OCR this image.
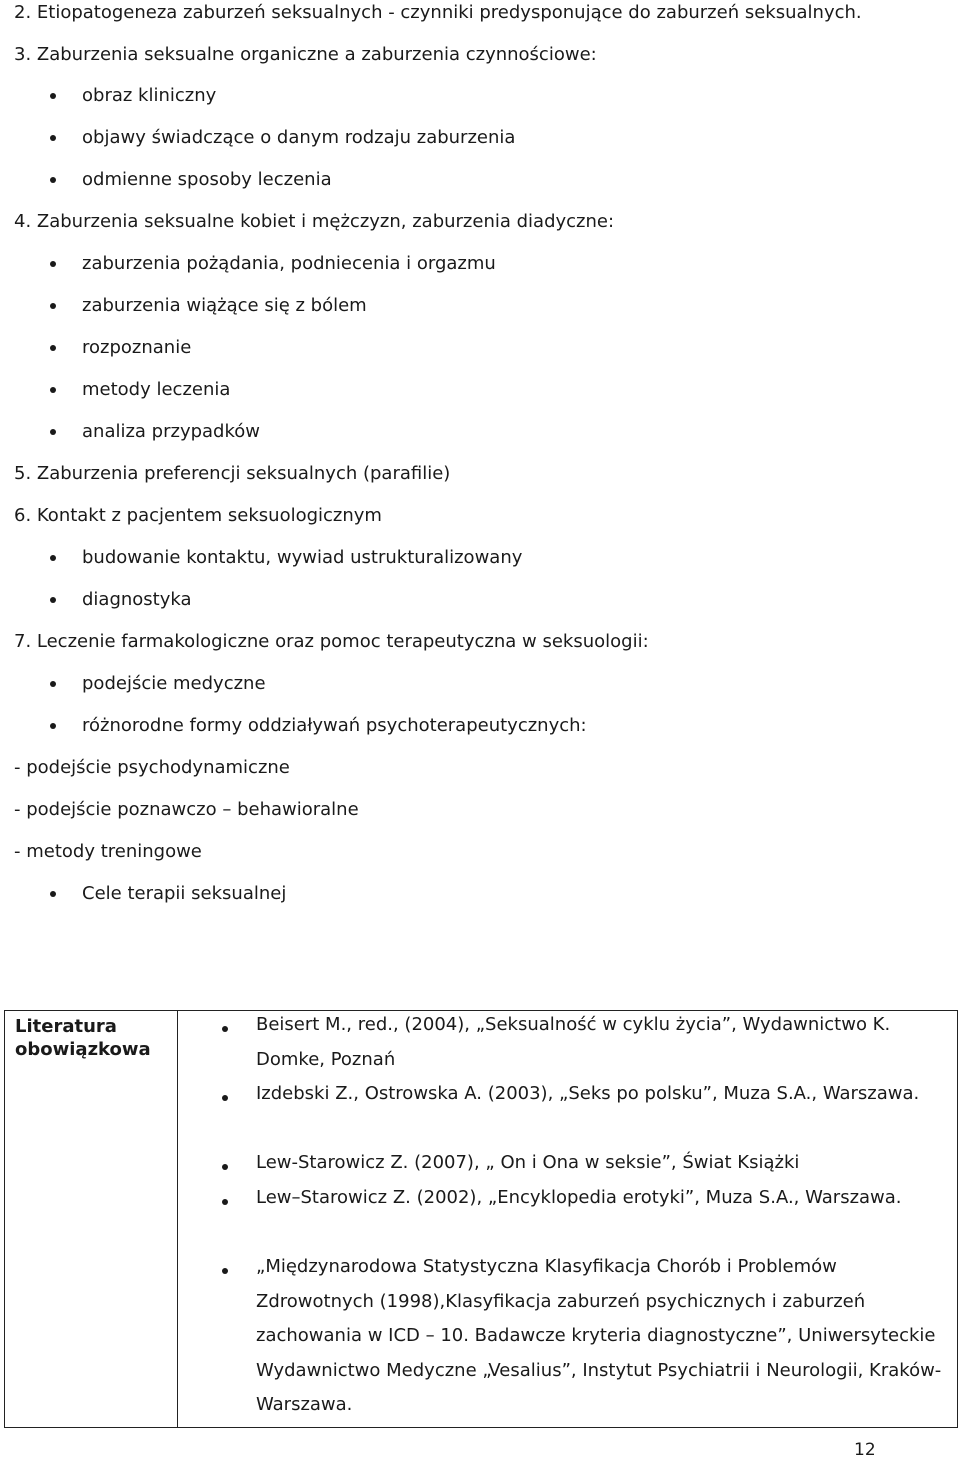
2. Etiopatogeneza zaburzeń seksualnych - czynniki predysponujące do zaburzeń seksualnych.
3. Zaburzenia seksualne organiczne a zaburzenia czynnościowe:
obraz kliniczny
objawy świadczące o danym rodzaju zaburzenia
odmienne sposoby leczenia
4. Zaburzenia seksualne kobiet i mężczyzn, zaburzenia diadyczne:
zaburzenia pożądania, podniecenia i orgazmu
zaburzenia wiążące się z bólem
rozpoznanie
metody leczenia
analiza przypadków
5. Zaburzenia preferencji seksualnych (parafilie)
6. Kontakt z pacjentem seksuologicznym
budowanie kontaktu, wywiad ustrukturalizowany
diagnostyka
7. Leczenie farmakologiczne oraz pomoc terapeutyczna w seksuologii:
podejście medyczne
różnorodne formy oddziaływań psychoterapeutycznych:
- podejście psychodynamiczne
- podejście poznawczo – behawioralne
- metody treningowe
Cele terapii seksualnej
Literatura obowiązkowa

Beisert M., red., (2004), „Seksualność w cyklu życia”, Wydawnictwo K. Domke, Poznań
Izdebski Z., Ostrowska A. (2003), „Seks po polsku”, Muza S.A., Warszawa.
Lew-Starowicz Z. (2007), „ On i Ona w seksie”, Świat Książki
Lew–Starowicz Z. (2002), „Encyklopedia erotyki”, Muza S.A., Warszawa.
„Międzynarodowa Statystyczna Klasyfikacja Chorób i Problemów Zdrowotnych (1998),Klasyfikacja zaburzeń psychicznych i zaburzeń zachowania w ICD – 10. Badawcze kryteria diagnostyczne”, Uniwersyteckie Wydawnictwo Medyczne „Vesalius”, Instytut Psychiatrii i Neurologii, Kraków-Warszawa.
12
